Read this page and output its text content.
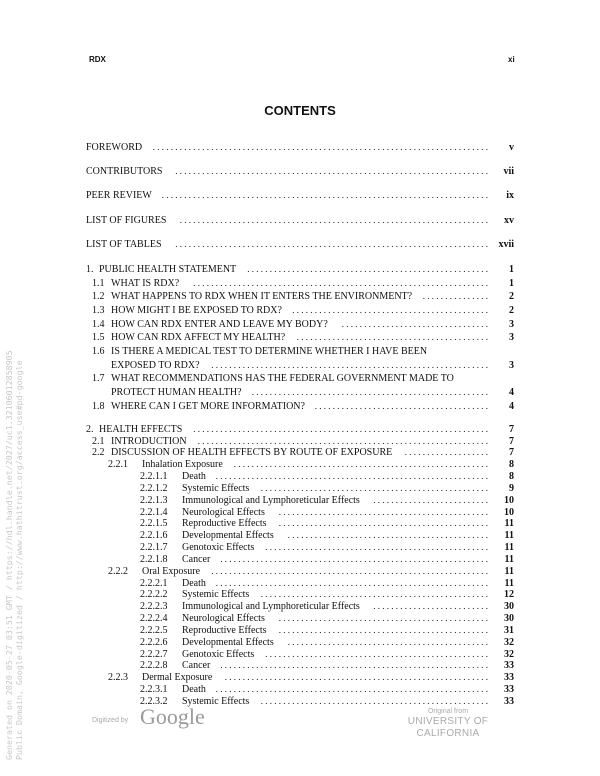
RDX	xi
CONTENTS
FOREWORD . . . . . . . . . . . . . . . . . . . . . . . . . . . . . . . . . . . . . . . . . . . . . . . . . . . . . . . . . . . . . . . . . . . . . . . . . . .	v
CONTRIBUTORS	. . . . . . . . . . . . . . . . . . . . . . . . . . . . . . . . . . . . . . . . . . . . . . . . . . . . . . . . . . . . . . . . . . . . . .	vii
PEER REVIEW . . . . . . . . . . . . . . . . . . . . . . . . . . . . . . . . . . . . . . . . . . . . . . . . . . . . . . . . . . . . . . . . . . . . . . . . .	ix
LIST OF FIGURES	. . . . . . . . . . . . . . . . . . . . . . . . . . . . . . . . . . . . . . . . . . . . . . . . . . . . . . . . . . . . . . . . . . . . .	xv
LIST OF TABLES	. . . . . . . . . . . . . . . . . . . . . . . . . . . . . . . . . . . . . . . . . . . . . . . . . . . . . . . . . . . . . . . . . . . . . .	xvii
1. PUBLIC HEALTH STATEMENT . . . . . . . . . . . . . . . . . . . . . . . . . . . . . . . . . . . . . . . . . . . . . . . . . . . . . .	1
1.1 WHAT IS RDX?	. . . . . . . . . . . . . . . . . . . . . . . . . . . . . . . . . . . . . . . . . . . . . . . . . . . . . . . . . . . . . . . . . .	1
1.2 WHAT HAPPENS TO RDX WHEN IT ENTERS THE ENVIRONMENT? . . . . . . . . . . . . . . .	2
1.3 HOW MIGHT I BE EXPOSED TO RDX? . . . . . . . . . . . . . . . . . . . . . . . . . . . . . . . . . . . . . . . . . . . .	2
1.4 HOW CAN RDX ENTER AND LEAVE MY BODY?	. . . . . . . . . . . . . . . . . . . . . . . . . . . . . . . . .	3
1.5 HOW CAN RDX AFFECT MY HEALTH?	. . . . . . . . . . . . . . . . . . . . . . . . . . . . . . . . . . . . . . . . . . .	3
1.6 IS THERE A MEDICAL TEST TO DETERMINE WHETHER I HAVE BEEN
EXPOSED TO RDX?	. . . . . . . . . . . . . . . . . . . . . . . . . . . . . . . . . . . . . . . . . . . . . . . . . . . . . . . . . . . . . .	3
1.7 WHAT RECOMMENDATIONS HAS THE FEDERAL GOVERNMENT MADE TO
PROTECT HUMAN HEALTH? . . . . . . . . . . . . . . . . . . . . . . . . . . . . . . . . . . . . . . . . . . . . . . . . . . . . .	4
1.8 WHERE CAN I GET MORE INFORMATION? . . . . . . . . . . . . . . . . . . . . . . . . . . . . . . . . . . . . . . .	4
2. HEALTH EFFECTS . . . . . . . . . . . . . . . . . . . . . . . . . . . . . . . . . . . . . . . . . . . . . . . . . . . . . . . . . . . . . . . . . .	7
2.1 INTRODUCTION . . . . . . . . . . . . . . . . . . . . . . . . . . . . . . . . . . . . . . . . . . . . . . . . . . . . . . . . . . . . . . . . .	7
2.2 DISCUSSION OF HEALTH EFFECTS BY ROUTE OF EXPOSURE	. . . . . . . . . . . . . . . . . . .	7
2.2.1 Inhalation Exposure . . . . . . . . . . . . . . . . . . . . . . . . . . . . . . . . . . . . . . . . . . . . . . . . . . . . . . . . .	8
2.2.1.1 Death . . . . . . . . . . . . . . . . . . . . . . . . . . . . . . . . . . . . . . . . . . . . . . . . . . . . . . . . . . . . .	8
2.2.1.2 Systemic Effects	. . . . . . . . . . . . . . . . . . . . . . . . . . . . . . . . . . . . . . . . . . . . . . . . . . .	9
2.2.1.3 Immunological and Lymphoreticular Effects	. . . . . . . . . . . . . . . . . . . . . . . . . .	10
2.2.1.4 Neurological Effects	. . . . . . . . . . . . . . . . . . . . . . . . . . . . . . . . . . . . . . . . . . . . . . .	10
2.2.1.5 Reproductive Effects	. . . . . . . . . . . . . . . . . . . . . . . . . . . . . . . . . . . . . . . . . . . . . . .	11
2.2.1.6 Developmental Effects	. . . . . . . . . . . . . . . . . . . . . . . . . . . . . . . . . . . . . . . . . . . . .	11
2.2.1.7 Genotoxic Effects . . . . . . . . . . . . . . . . . . . . . . . . . . . . . . . . . . . . . . . . . . . . . . . . . .	11
2.2.1.8 Cancer . . . . . . . . . . . . . . . . . . . . . . . . . . . . . . . . . . . . . . . . . . . . . . . . . . . . . . . . . . . .	11
2.2.2 Oral Exposure . . . . . . . . . . . . . . . . . . . . . . . . . . . . . . . . . . . . . . . . . . . . . . . . . . . . . . . . . . . . . .	11
2.2.2.1 Death . . . . . . . . . . . . . . . . . . . . . . . . . . . . . . . . . . . . . . . . . . . . . . . . . . . . . . . . . . . . .	11
2.2.2.2 Systemic Effects	. . . . . . . . . . . . . . . . . . . . . . . . . . . . . . . . . . . . . . . . . . . . . . . . . . .	12
2.2.2.3 Immunological and Lymphoreticular Effects	. . . . . . . . . . . . . . . . . . . . . . . . . .	30
2.2.2.4 Neurological Effects	. . . . . . . . . . . . . . . . . . . . . . . . . . . . . . . . . . . . . . . . . . . . . . .	30
2.2.2.5 Reproductive Effects	. . . . . . . . . . . . . . . . . . . . . . . . . . . . . . . . . . . . . . . . . . . . . . .	31
2.2.2.6 Developmental Effects	. . . . . . . . . . . . . . . . . . . . . . . . . . . . . . . . . . . . . . . . . . . . .	32
2.2.2.7 Genotoxic Effects . . . . . . . . . . . . . . . . . . . . . . . . . . . . . . . . . . . . . . . . . . . . . . . . . .	32
2.2.2.8 Cancer . . . . . . . . . . . . . . . . . . . . . . . . . . . . . . . . . . . . . . . . . . . . . . . . . . . . . . . . . . . .	33
2.2.3 Dermal Exposure	. . . . . . . . . . . . . . . . . . . . . . . . . . . . . . . . . . . . . . . . . . . . . . . . . . . . . . . . . . .	33
2.2.3.1 Death . . . . . . . . . . . . . . . . . . . . . . . . . . . . . . . . . . . . . . . . . . . . . . . . . . . . . . . . . . . . .	33
2.2.3.2 Systemic Effects	. . . . . . . . . . . . . . . . . . . . . . . . . . . . . . . . . . . . . . . . . . . . . . . . . . .	33
Generated on 2020-05-27 03:51 GMT / https://hdl.handle.net/2027/uc1.32106012858905 Public Domain, Google-digitized / http://www.hathitrust.org/access_use#pd-google	Digitized by Google	Original from
UNIVERSITY OF CALIFORNIA
